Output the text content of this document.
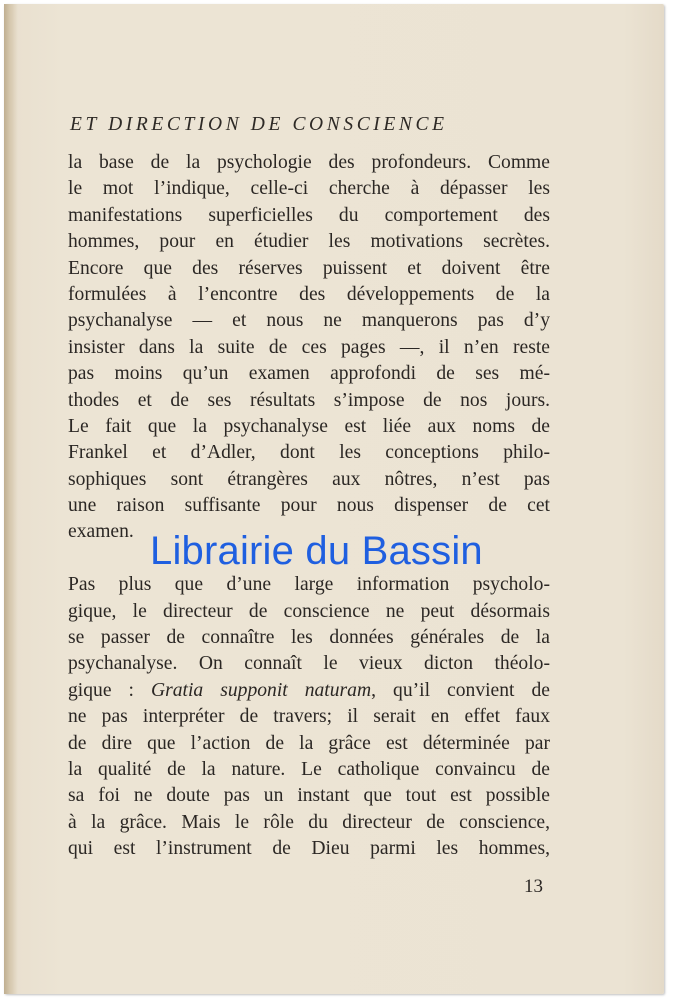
ET DIRECTION DE CONSCIENCE
la base de la psychologie des profondeurs. Comme
le mot l’indique, celle-ci cherche à dépasser les
manifestations superficielles du comportement des
hommes, pour en étudier les motivations secrètes.
Encore que des réserves puissent et doivent être
formulées à l’encontre des développements de la
psychanalyse — et nous ne manquerons pas d’y
insister dans la suite de ces pages —, il n’en reste
pas moins qu’un examen approfondi de ses mé-
thodes et de ses résultats s’impose de nos jours.
Le fait que la psychanalyse est liée aux noms de
Frankel et d’Adler, dont les conceptions philo-
sophiques sont étrangères aux nôtres, n’est pas
une raison suffisante pour nous dispenser de cet
examen.
Pas plus que d’une large information psycholo-
gique, le directeur de conscience ne peut désormais
se passer de connaître les données générales de la
psychanalyse. On connaît le vieux dicton théolo-
gique : Gratia supponit naturam, qu’il convient de
ne pas interpréter de travers; il serait en effet faux
de dire que l’action de la grâce est déterminée par
la qualité de la nature. Le catholique convaincu de
sa foi ne doute pas un instant que tout est possible
à la grâce. Mais le rôle du directeur de conscience,
qui est l’instrument de Dieu parmi les hommes,
13
Librairie du Bassin
